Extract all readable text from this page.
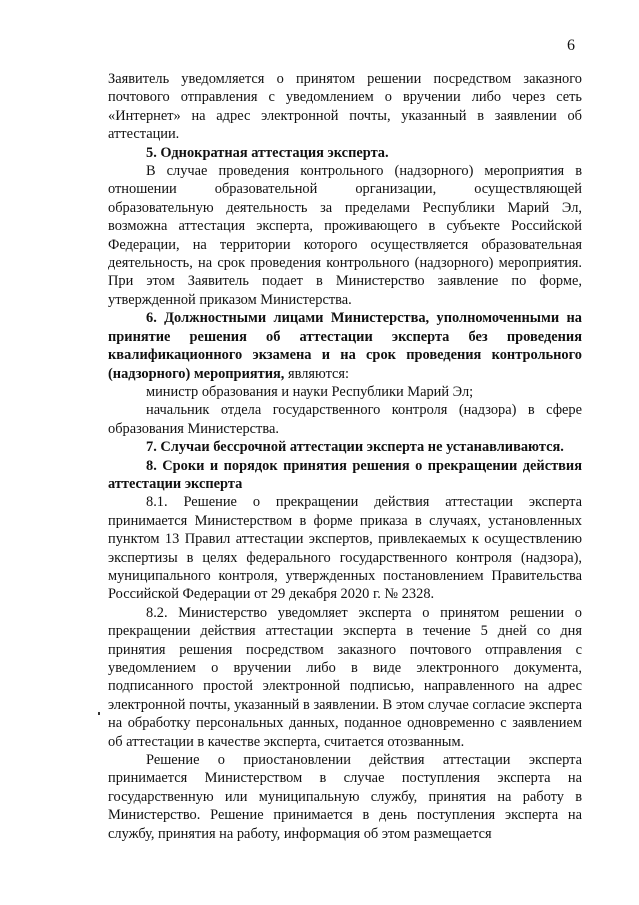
6

Заявитель уведомляется о принятом решении посредством заказного почтового отправления с уведомлением о вручении либо через сеть «Интернет» на адрес электронной почты, указанный в заявлении об аттестации.

5. Однократная аттестация эксперта.

В случае проведения контрольного (надзорного) мероприятия в отношении образовательной организации, осуществляющей образовательную деятельность за пределами Республики Марий Эл, возможна аттестация эксперта, проживающего в субъекте Российской Федерации, на территории которого осуществляется образовательная деятельность, на срок проведения контрольного (надзорного) мероприятия. При этом Заявитель подает в Министерство заявление по форме, утвержденной приказом Министерства.

6. Должностными лицами Министерства, уполномоченными на принятие решения об аттестации эксперта без проведения квалификационного экзамена и на срок проведения контрольного (надзорного) мероприятия, являются:

министр образования и науки Республики Марий Эл;

начальник отдела государственного контроля (надзора) в сфере образования Министерства.

7. Случаи бессрочной аттестации эксперта не устанавливаются.

8. Сроки и порядок принятия решения о прекращении действия аттестации эксперта

8.1. Решение о прекращении действия аттестации эксперта принимается Министерством в форме приказа в случаях, установленных пунктом 13 Правил аттестации экспертов, привлекаемых к осуществлению экспертизы в целях федерального государственного контроля (надзора), муниципального контроля, утвержденных постановлением Правительства Российской Федерации от 29 декабря 2020 г. № 2328.

8.2. Министерство уведомляет эксперта о принятом решении о прекращении действия аттестации эксперта в течение 5 дней со дня принятия решения посредством заказного почтового отправления с уведомлением о вручении либо в виде электронного документа, подписанного простой электронной подписью, направленного на адрес электронной почты, указанный в заявлении. В этом случае согласие эксперта на обработку персональных данных, поданное одновременно с заявлением об аттестации в качестве эксперта, считается отозванным.

Решение о приостановлении действия аттестации эксперта принимается Министерством в случае поступления эксперта на государственную или муниципальную службу, принятия на работу в Министерство. Решение принимается в день поступления эксперта на службу, принятия на работу, информация об этом размещается
